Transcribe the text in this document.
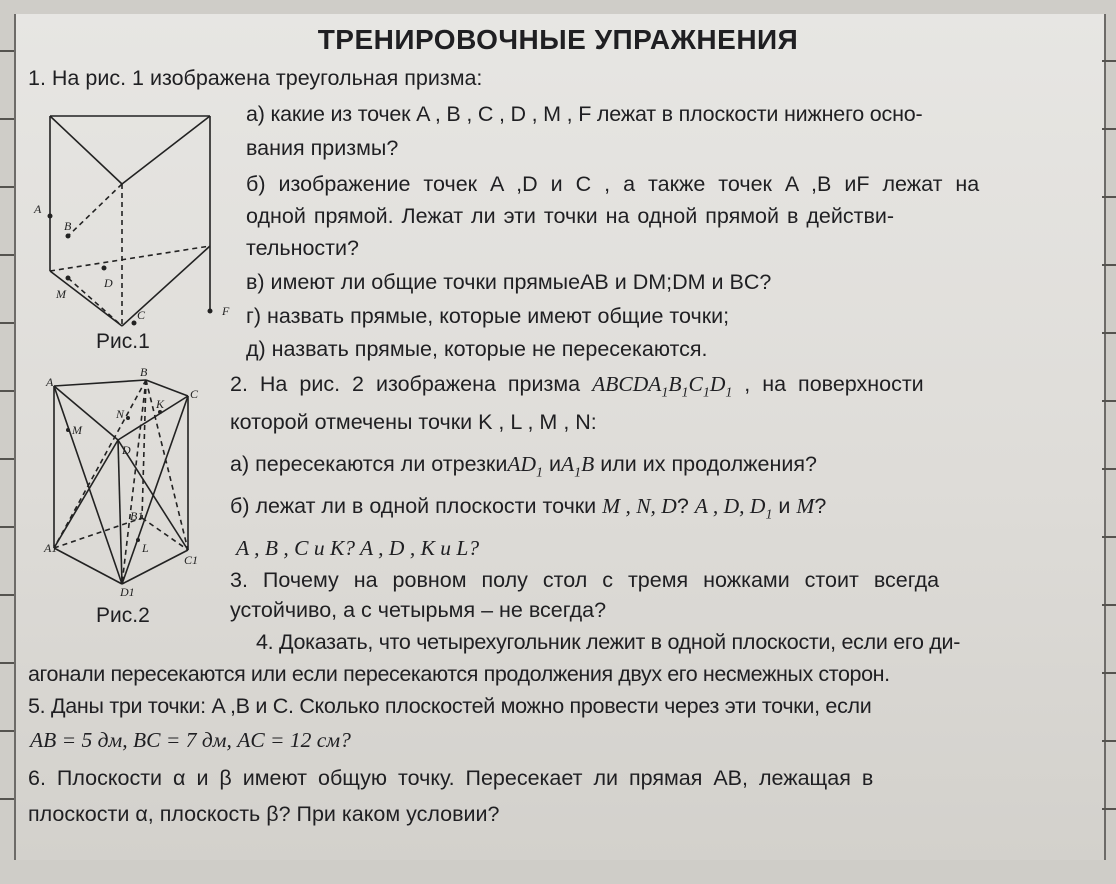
ТРЕНИРОВОЧНЫЕ УПРАЖНЕНИЯ
1. На рис. 1 изображена треугольная призма:
а) какие из точек A , B , C , D , M , F лежат в плоскости нижнего осно-
вания призмы?
б) изображение точек A ,D и C , а также точек A ,B иF лежат на
одной прямой. Лежат ли эти точки на одной прямой в действи-
тельности?
в) имеют ли общие точки прямыеAB и DM;DM и BC?
г) назвать прямые, которые имеют общие точки;
д) назвать прямые, которые не пересекаются.
2. На рис. 2 изображена призма $ABCDA_1B_1C_1D_1$ , на поверхности
которой отмечены точки K , L , M , N:
а) пересекаются ли отрезкиAD$_1$ $иA_1B$ или их продолжения?
б) лежат ли в одной плоскости точки M , N, D? A , D, $D_1$ и M?
A , B , C и K? A , D , K и L?
3. Почему на ровном полу стол с тремя ножками стоит всегда
устойчиво, а с четырьмя – не всегда?
4. Доказать, что четырехугольник лежит в одной плоскости, если его ди-
агонали пересекаются или если пересекаются продолжения двух его несмежных сторон.
5. Даны три точки: A ,B и C. Сколько плоскостей можно провести через эти точки, если
AB = 5 дм, BC = 7 дм, AC = 12 см?
6. Плоскости α и β имеют общую точку. Пересекает ли прямая AB, лежащая в
плоскости α, плоскость β? При каком условии?
A
B
D
M
C	F
Рис.1
A
B
C
K
N
M
D
B1
L
A1
C1
D1
Рис.2
